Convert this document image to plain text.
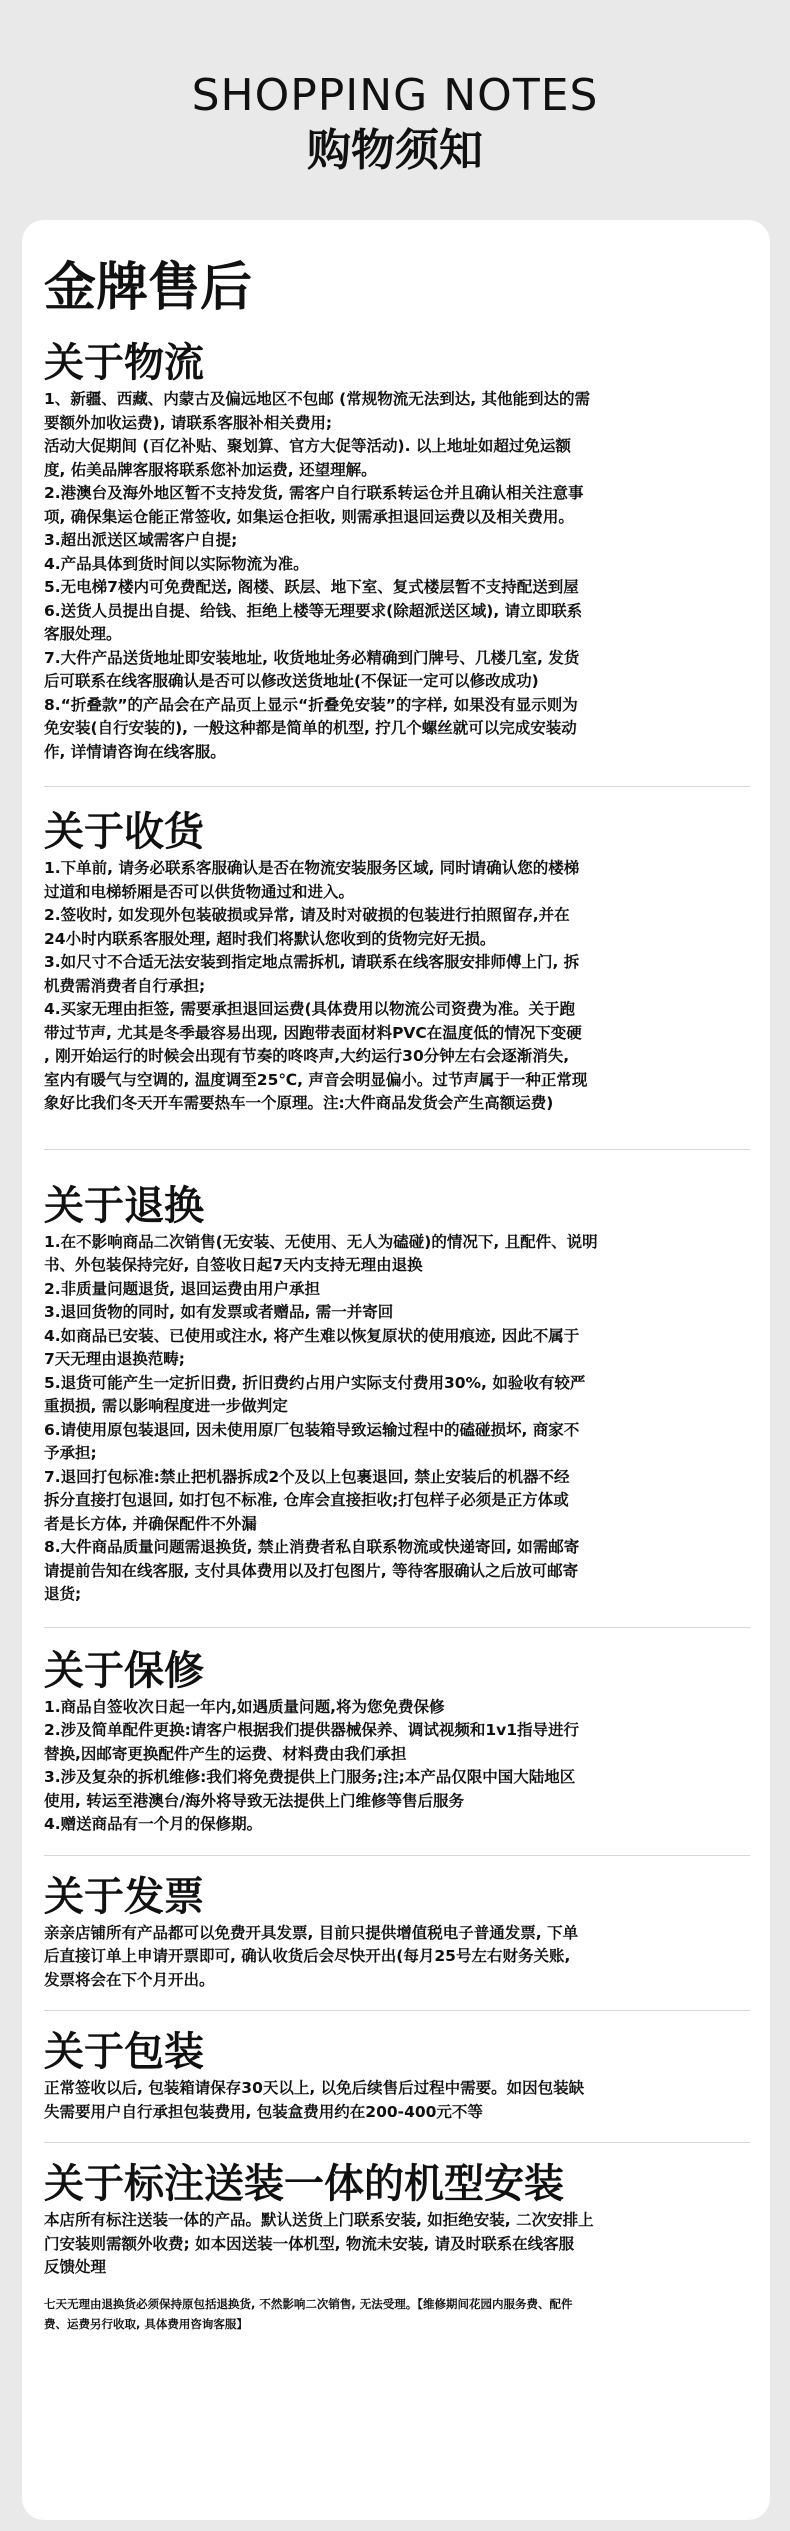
SHOPPING NOTES
购物须知
金牌售后
关于物流
1、新疆、西藏、内蒙古及偏远地区不包邮 (常规物流无法到达, 其他能到达的需
要额外加收运费), 请联系客服补相关费用;
活动大促期间 (百亿补贴、聚划算、官方大促等活动). 以上地址如超过免运额
度, 佑美品牌客服将联系您补加运费, 还望理解。
2.港澳台及海外地区暂不支持发货, 需客户自行联系转运仓并且确认相关注意事
项, 确保集运仓能正常签收, 如集运仓拒收, 则需承担退回运费以及相关费用。
3.超出派送区域需客户自提;
4.产品具体到货时间以实际物流为准。
5.无电梯7楼内可免费配送, 阁楼、跃层、地下室、复式楼层暂不支持配送到屋
6.送货人员提出自提、给钱、拒绝上楼等无理要求(除超派送区域), 请立即联系
客服处理。
7.大件产品送货地址即安装地址, 收货地址务必精确到门牌号、几楼几室, 发货
后可联系在线客服确认是否可以修改送货地址(不保证一定可以修改成功)
8.“折叠款”的产品会在产品页上显示“折叠免安装”的字样, 如果没有显示则为
免安装(自行安装的), 一般这种都是简单的机型, 拧几个螺丝就可以完成安装动
作, 详情请咨询在线客服。
关于收货
1.下单前, 请务必联系客服确认是否在物流安装服务区域, 同时请确认您的楼梯
过道和电梯轿厢是否可以供货物通过和进入。
2.签收时, 如发现外包装破损或异常, 请及时对破损的包装进行拍照留存,并在
24小时内联系客服处理, 超时我们将默认您收到的货物完好无损。
3.如尺寸不合适无法安装到指定地点需拆机, 请联系在线客服安排师傅上门, 拆
机费需消费者自行承担;
4.买家无理由拒签, 需要承担退回运费(具体费用以物流公司资费为准。关于跑
带过节声, 尤其是冬季最容易出现, 因跑带表面材料PVC在温度低的情况下变硬
, 刚开始运行的时候会出现有节奏的咚咚声,大约运行30分钟左右会逐渐消失,
室内有暖气与空调的, 温度调至25℃, 声音会明显偏小。过节声属于一种正常现
象好比我们冬天开车需要热车一个原理。注:大件商品发货会产生高额运费)
关于退换
1.在不影响商品二次销售(无安装、无使用、无人为磕碰)的情况下, 且配件、说明
书、外包装保持完好, 自签收日起7天内支持无理由退换
2.非质量问题退货, 退回运费由用户承担
3.退回货物的同时, 如有发票或者赠品, 需一并寄回
4.如商品已安装、已使用或注水, 将产生难以恢复原状的使用痕迹, 因此不属于
7天无理由退换范畴;
5.退货可能产生一定折旧费, 折旧费约占用户实际支付费用30%, 如验收有较严
重损损, 需以影响程度进一步做判定
6.请使用原包装退回, 因未使用原厂包装箱导致运输过程中的磕碰损坏, 商家不
予承担;
7.退回打包标准:禁止把机器拆成2个及以上包裹退回, 禁止安装后的机器不经
拆分直接打包退回, 如打包不标准, 仓库会直接拒收;打包样子必须是正方体或
者是长方体, 并确保配件不外漏
8.大件商品质量问题需退换货, 禁止消费者私自联系物流或快递寄回, 如需邮寄
请提前告知在线客服, 支付具体费用以及打包图片, 等待客服确认之后放可邮寄
退货;
关于保修
1.商品自签收次日起一年内,如遇质量问题,将为您免费保修
2.涉及简单配件更换:请客户根据我们提供器械保养、调试视频和1v1指导进行
替换,因邮寄更换配件产生的运费、材料费由我们承担
3.涉及复杂的拆机维修:我们将免费提供上门服务;注;本产品仅限中国大陆地区
使用, 转运至港澳台/海外将导致无法提供上门维修等售后服务
4.赠送商品有一个月的保修期。
关于发票
亲亲店铺所有产品都可以免费开具发票, 目前只提供增值税电子普通发票, 下单
后直接订单上申请开票即可, 确认收货后会尽快开出(每月25号左右财务关账,
发票将会在下个月开出。
关于包装
正常签收以后, 包装箱请保存30天以上, 以免后续售后过程中需要。如因包装缺
失需要用户自行承担包装费用, 包装盒费用约在200-400元不等
关于标注送装一体的机型安装
本店所有标注送装一体的产品。默认送货上门联系安装, 如拒绝安装, 二次安排上
门安装则需额外收费; 如本因送装一体机型, 物流未安装, 请及时联系在线客服
反馈处理
七天无理由退换货必须保持原包括退换货, 不然影响二次销售, 无法受理。【维修期间花园内服务费、配件
费、运费另行收取, 具体费用咨询客服】
